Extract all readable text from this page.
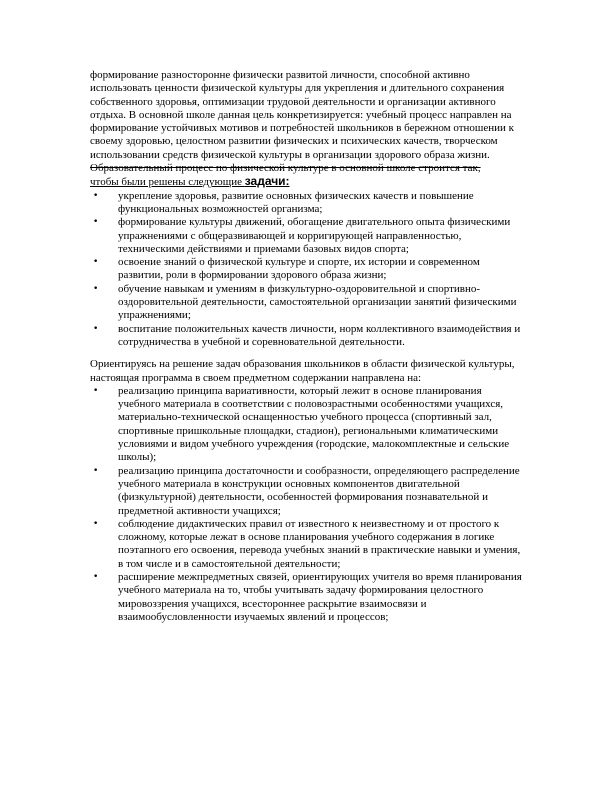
формирование разносторонне физически развитой личности, способной активно использовать ценности физической культуры для укрепления и длительного сохранения собственного здоровья, оптимизации трудовой деятельности и организации активного отдыха. В основной школе данная цель конкретизируется: учебный процесс направлен на формирование устойчивых мотивов и потребностей школьников в бережном отношении к своему здоровью, целостном развитии физических и психических качеств, творческом использовании средств физической культуры в организации здорового образа жизни.

Образовательный процесс по физической культуре в основной школе строится так,

чтобы были решены следующие задачи:

• укрепление здоровья, развитие основных физических качеств и повышение функциональных возможностей организма;
• формирование культуры движений, обогащение двигательного опыта физическими упражнениями с общеразвивающей и корригирующей направленностью, техническими действиями и приемами базовых видов спорта;
• освоение знаний о физической культуре и спорте, их истории и современном развитии, роли в формировании здорового образа жизни;
• обучение навыкам и умениям в физкультурно-оздоровительной и спортивно-оздоровительной деятельности, самостоятельной организации занятий физическими упражнениями;
• воспитание положительных качеств личности, норм коллективного взаимодействия и сотрудничества в учебной и соревновательной деятельности.

Ориентируясь на решение задач образования школьников в области физической культуры, настоящая программа в своем предметном содержании направлена на:

• реализацию принципа вариативности, который лежит в основе планирования учебного материала в соответствии с половозрастными особенностями учащихся, материально-технической оснащенностью учебного процесса (спортивный зал, спортивные пришкольные площадки, стадион), региональными климатическими условиями и видом учебного учреждения (городские, малокомплектные и сельские школы);
• реализацию принципа достаточности и сообразности, определяющего распределение учебного материала в конструкции основных компонентов двигательной (физкультурной) деятельности, особенностей формирования познавательной и предметной активности учащихся;
• соблюдение дидактических правил от известного к неизвестному и от простого к сложному, которые лежат в основе планирования учебного содержания в логике поэтапного его освоения, перевода учебных знаний в практические навыки и умения, в том числе и в самостоятельной деятельности;
• расширение межпредметных связей, ориентирующих учителя во время планирования учебного материала на то, чтобы учитывать задачу формирования целостного мировоззрения учащихся, всестороннее раскрытие взаимосвязи и взаимообусловленности изучаемых явлений и процессов;
